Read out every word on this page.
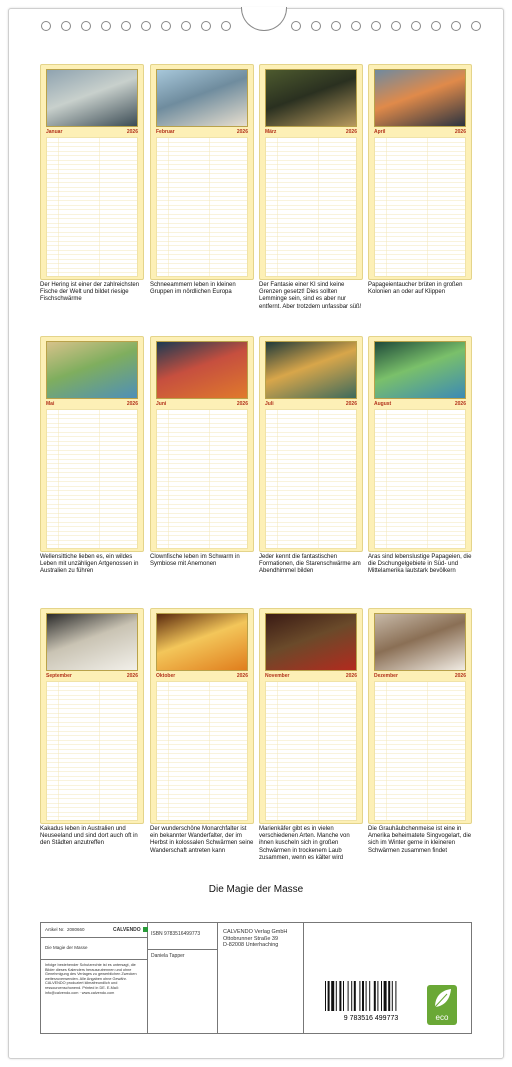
Januar	2026
Der Hering ist einer der zahlreichsten Fische der Welt und bildet riesige Fischschwärme
Februar	2026
Schneeammern leben in kleinen Gruppen im nördlichen Europa
März	2026
Der Fantasie einer KI sind keine Grenzen gesetzt! Dies sollten Lemminge sein, sind es aber nur entfernt. Aber trotzdem unfassbar süß!
April	2026
Papageientaucher brüten in großen Kolonien an oder auf Klippen
Mai	2026
Wellensittiche lieben es, ein wildes Leben mit unzähligen Artgenossen in Australien zu führen
Juni	2026
Clownfische leben im Schwarm in Symbiose mit Anemonen
Juli	2026
Jeder kennt die fantastischen Formationen, die Starenschwärme am Abendhimmel bilden
August	2026
Aras sind lebenslustige Papageien, die die Dschungelgebiete in Süd- und Mittelamerika lautstark bevölkern
September	2026
Kakadus leben in Australien und Neuseeland und sind dort auch oft in den Städten anzutreffen
Oktober	2026
Der wunderschöne Monarchfalter ist ein bekannter Wanderfalter, der im Herbst in kolossalen Schwärmen seine Wanderschaft antreten kann
November	2026
Marienkäfer gibt es in vielen verschiedenen Arten. Manche von ihnen kuscheln sich in großen Schwärmen in trockenem Laub zusammen, wenn es kälter wird
Dezember	2026
Die Grauhäubchenmeise ist eine in Amerika beheimatete Singvogelart, die sich im Winter gerne in kleineren Schwärmen zusammen findet
Die Magie der Masse
Artikel Nr. 2080660	CALVENDO
Die Magie der Masse
Infolge bestehender Schutzrechte ist es untersagt, die Bilder dieses Kalenders herauszutrennen und ohne Genehmigung des Verlages zu gewerblichen Zwecken weiterzuverwenden. Alle Angaben ohne Gewähr. CALVENDO produziert klimafreundlich und ressourcenschonend. Printed in DE. E-Mail: info@calvendo.com · www.calvendo.com
ISBN 9783516499773
Daniela Tapper
CALVENDO Verlag GmbH
Ottobrunner Straße 39
D-82008 Unterhaching
9 783516 499773	eco
